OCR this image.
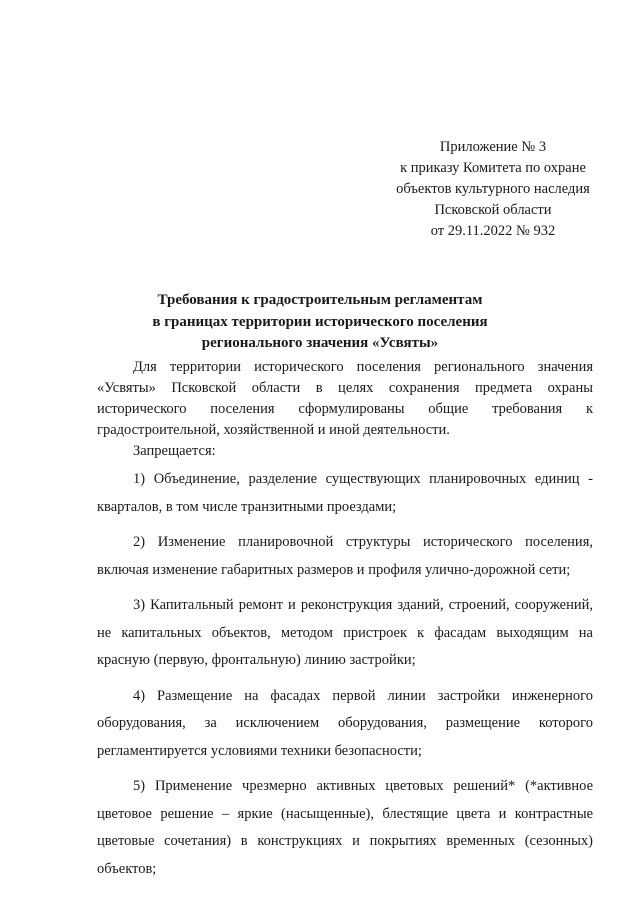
Приложение № 3
к приказу Комитета по охране
объектов культурного наследия
Псковской области
от 29.11.2022 № 932
Требования к градостроительным регламентам
в границах территории исторического поселения
регионального значения «Усвяты»

Для территории исторического поселения регионального значения «Усвяты» Псковской области в целях сохранения предмета охраны исторического поселения сформулированы общие требования к градостроительной, хозяйственной и иной деятельности.

Запрещается:

1) Объединение, разделение существующих планировочных единиц - кварталов, в том числе транзитными проездами;

2) Изменение планировочной структуры исторического поселения, включая изменение габаритных размеров и профиля улично-дорожной сети;

3) Капитальный ремонт и реконструкция зданий, строений, сооружений, не капитальных объектов, методом пристроек к фасадам выходящим на красную (первую, фронтальную) линию застройки;

4) Размещение на фасадах первой линии застройки инженерного оборудования, за исключением оборудования, размещение которого регламентируется условиями техники безопасности;

5) Применение чрезмерно активных цветовых решений* (*активное цветовое решение – яркие (насыщенные), блестящие цвета и контрастные цветовые сочетания) в конструкциях и покрытиях временных (сезонных) объектов;
